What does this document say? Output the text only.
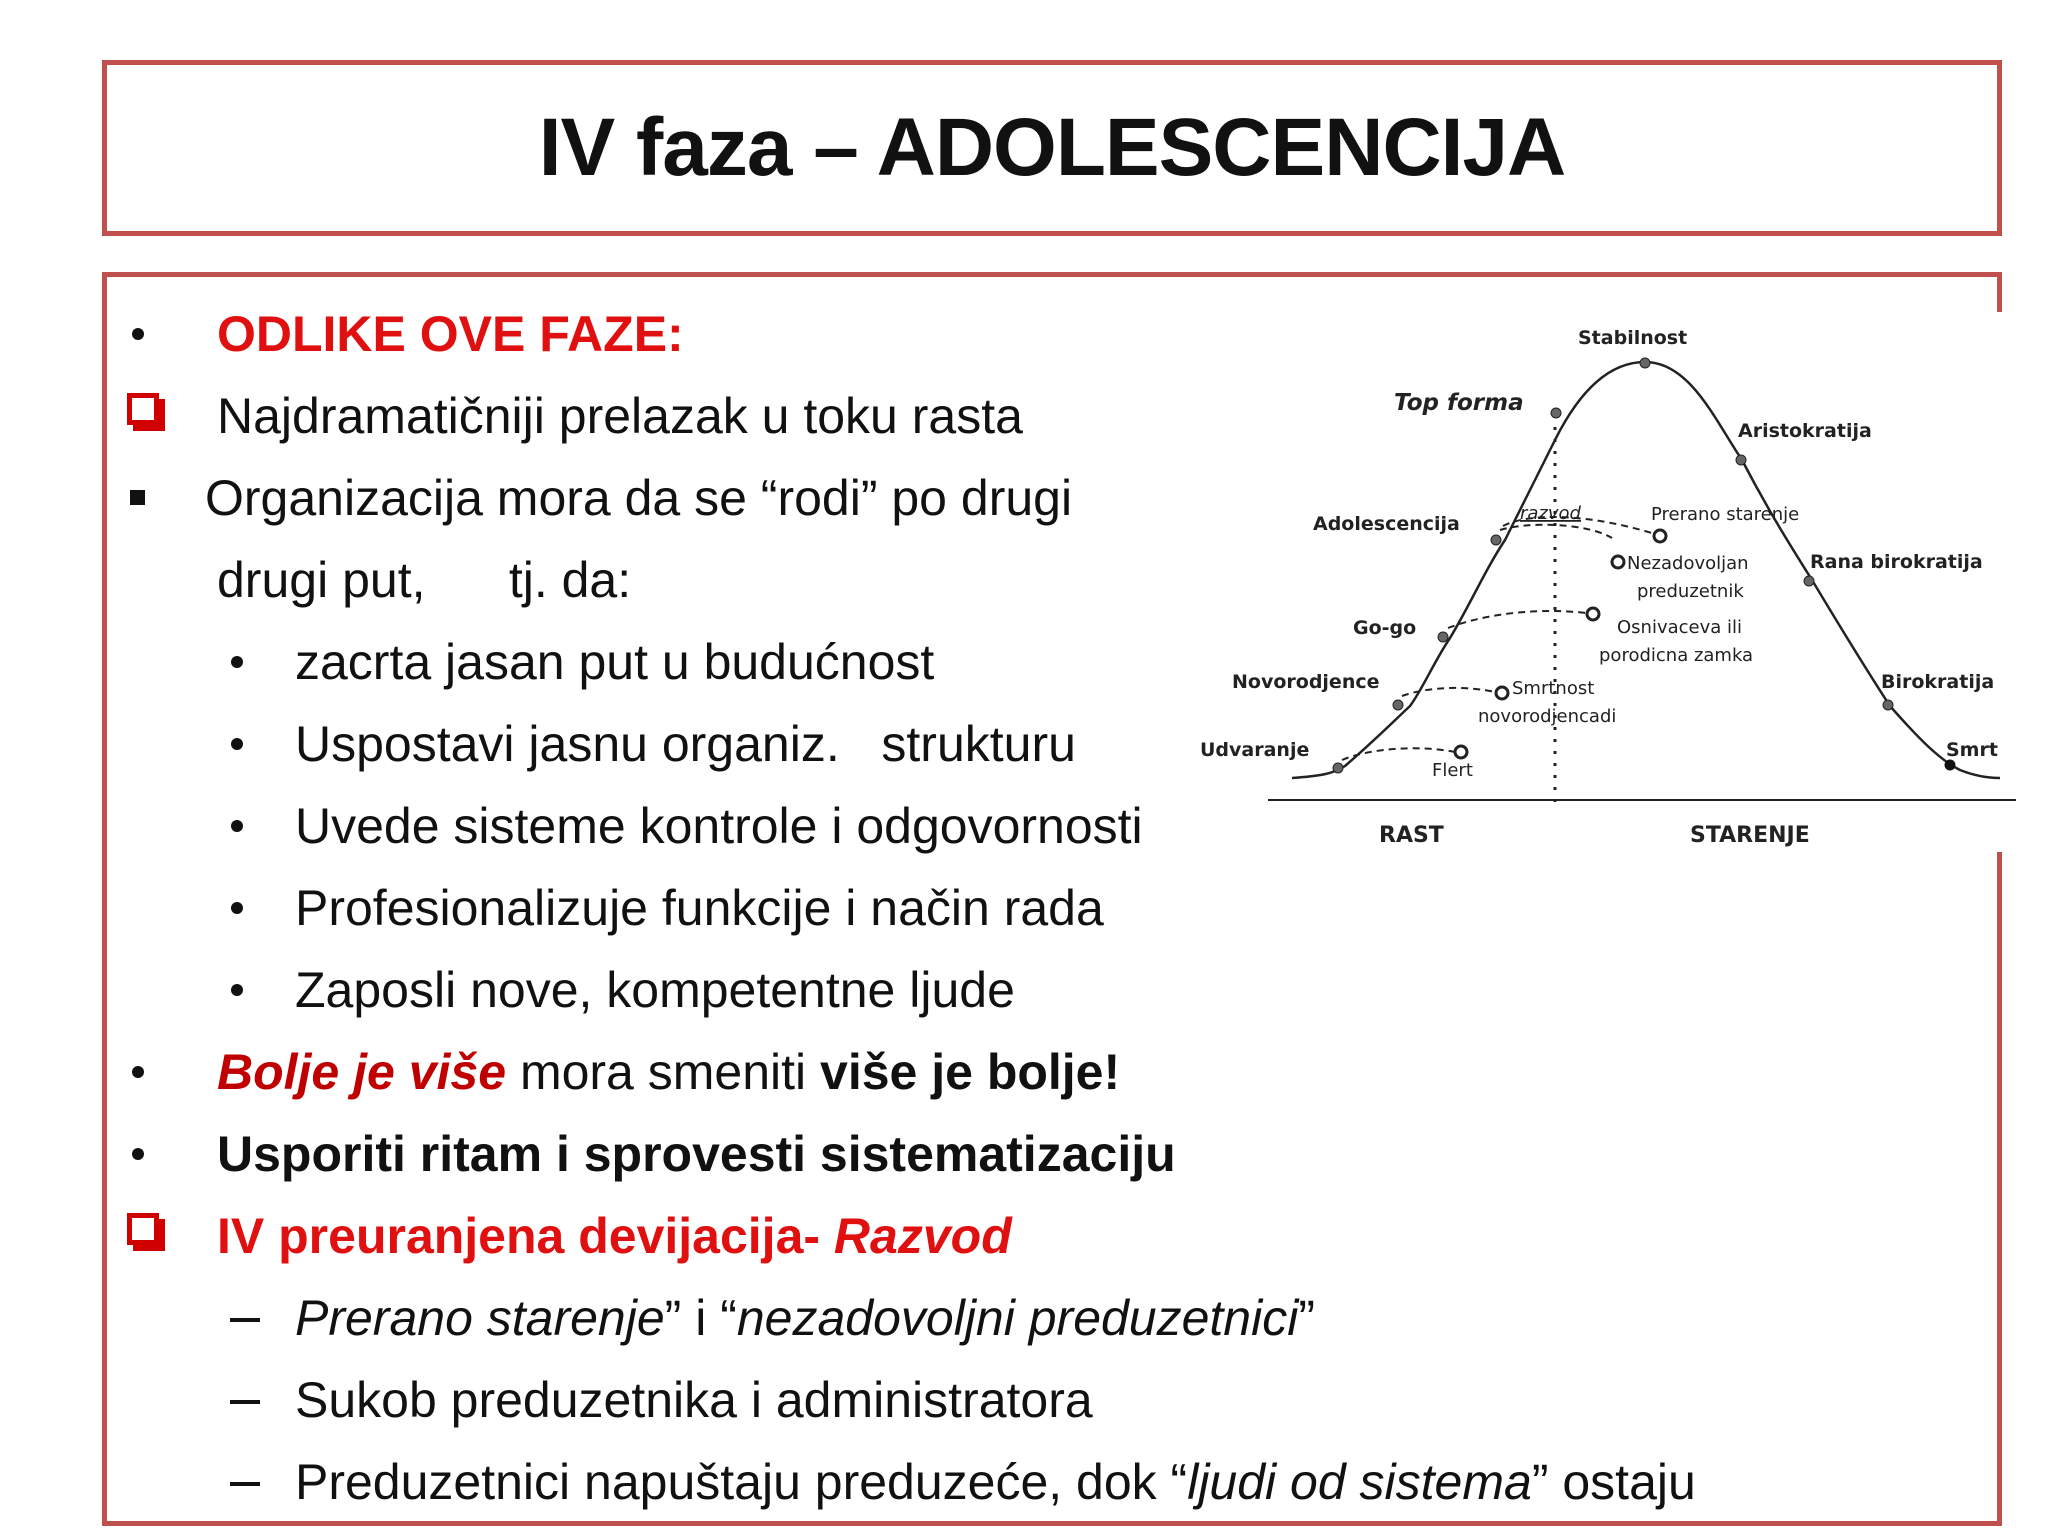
IV faza – ADOLESCENCIJA
ODLIKE OVE FAZE:
Najdramatičniji prelazak u toku rasta
Organizacija mora da se “rodi” po drugi
drugi put,      tj. da:
zacrta jasan put u budućnost
Uspostavi jasnu organiz.   strukturu
Uvede sisteme kontrole i odgovornosti
Profesionalizuje funkcije i način rada
Zaposli nove, kompetentne ljude
Bolje je više mora smeniti više je bolje!
Usporiti ritam i sprovesti sistematizaciju
IV preuranjena devijacija- Razvod
Prerano starenje” i “nezadovoljni preduzetnici”
Sukob preduzetnika i administratora
Preduzetnici napuštaju preduzeće, dok “ljudi od sistema” ostaju
Udvaranje
Novorodjence
Go-go
Adolescencija
Top forma
Stabilnost
Aristokratija
Rana birokratija
Birokratija
Smrt
Flert
Smrtnost
novorodjencadi
Osnivaceva ili
porodicna zamka
Nezadovoljan
preduzetnik
Prerano starenje
razvod
RAST	STARENJE
